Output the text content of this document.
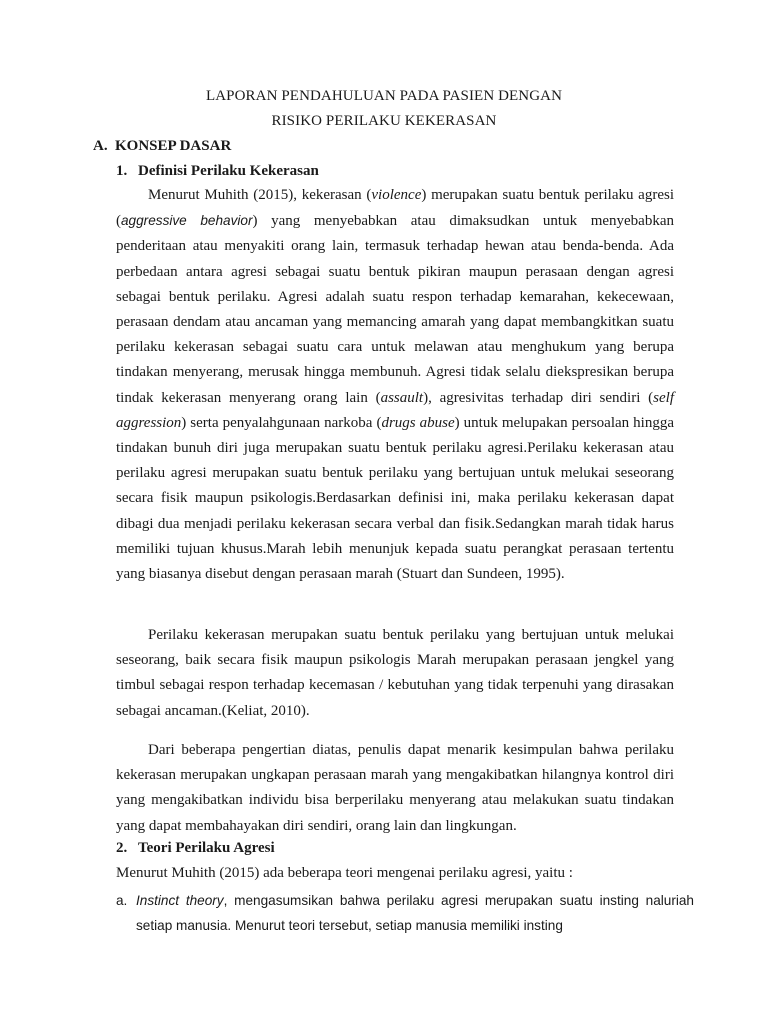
LAPORAN PENDAHULUAN PADA PASIEN DENGAN
RISIKO PERILAKU KEKERASAN
A. KONSEP DASAR
1. Definisi Perilaku Kekerasan

Menurut Muhith (2015), kekerasan (violence) merupakan suatu bentuk perilaku agresi (aggressive behavior) yang menyebabkan atau dimaksudkan untuk menyebabkan penderitaan atau menyakiti orang lain, termasuk terhadap hewan atau benda-benda. Ada perbedaan antara agresi sebagai suatu bentuk pikiran maupun perasaan dengan agresi sebagai bentuk perilaku. Agresi adalah suatu respon terhadap kemarahan, kekecewaan, perasaan dendam atau ancaman yang memancing amarah yang dapat membangkitkan suatu perilaku kekerasan sebagai suatu cara untuk melawan atau menghukum yang berupa tindakan menyerang, merusak hingga membunuh. Agresi tidak selalu diekspresikan berupa tindak kekerasan menyerang orang lain (assault), agresivitas terhadap diri sendiri (self aggression) serta penyalahgunaan narkoba (drugs abuse) untuk melupakan persoalan hingga tindakan bunuh diri juga merupakan suatu bentuk perilaku agresi.Perilaku kekerasan atau perilaku agresi merupakan suatu bentuk perilaku yang bertujuan untuk melukai seseorang secara fisik maupun psikologis.Berdasarkan definisi ini, maka perilaku kekerasan dapat dibagi dua menjadi perilaku kekerasan secara verbal dan fisik.Sedangkan marah tidak harus memiliki tujuan khusus.Marah lebih menunjuk kepada suatu perangkat perasaan tertentu yang biasanya disebut dengan perasaan marah (Stuart dan Sundeen, 1995).

Perilaku kekerasan merupakan suatu bentuk perilaku yang bertujuan untuk melukai seseorang, baik secara fisik maupun psikologis Marah merupakan perasaan jengkel yang timbul sebagai respon terhadap kecemasan / kebutuhan yang tidak terpenuhi yang dirasakan sebagai ancaman.(Keliat, 2010).

Dari beberapa pengertian diatas, penulis dapat menarik kesimpulan bahwa perilaku kekerasan merupakan ungkapan perasaan marah yang mengakibatkan hilangnya kontrol diri yang mengakibatkan individu bisa berperilaku menyerang atau melakukan suatu tindakan yang dapat membahayakan diri sendiri, orang lain dan lingkungan.

2. Teori Perilaku Agresi
Menurut Muhith (2015) ada beberapa teori mengenai perilaku agresi, yaitu :

a. Instinct theory, mengasumsikan bahwa perilaku agresi merupakan suatu insting naluriah setiap manusia. Menurut teori tersebut, setiap manusia memiliki insting
